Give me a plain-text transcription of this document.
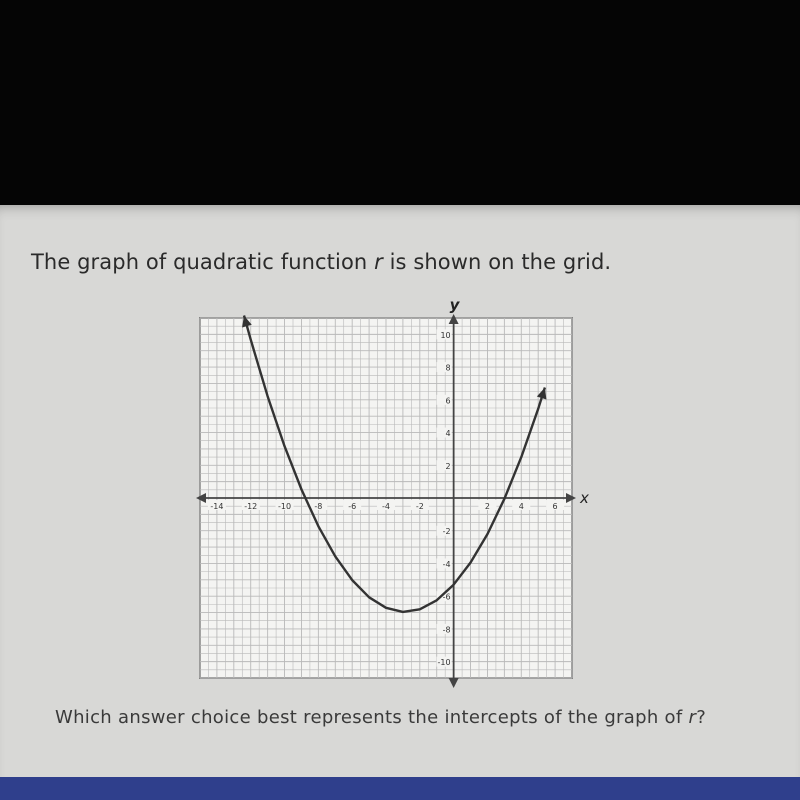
The graph of quadratic function r is shown on the grid.
x
y
-14	-12	-10	-8	-6	-4	-2	2	4	6
10
8
6
4
2
-2
-4
-6
-8
-10
Which answer choice best represents the intercepts of the graph of r?
